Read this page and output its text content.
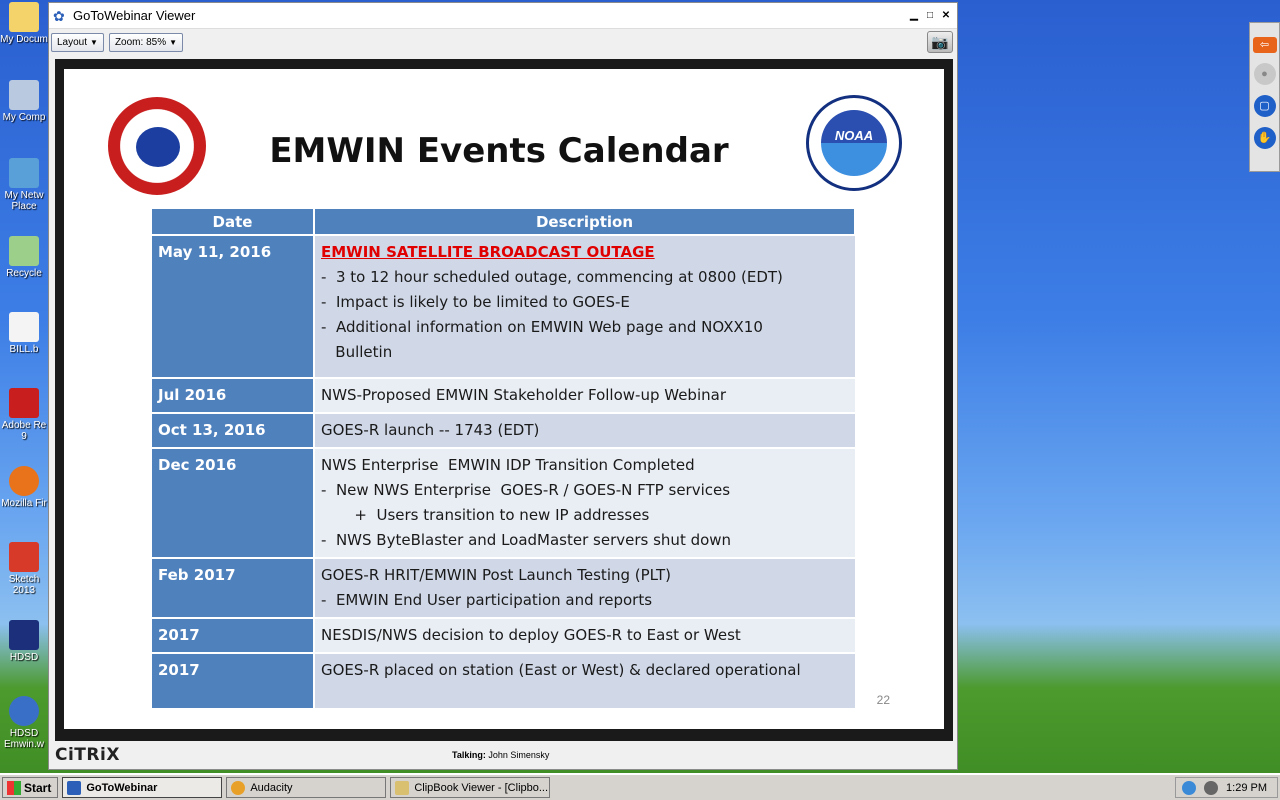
My Docum
My Comp
My Netw Place
Recycle
BILL.b
Adobe Re 9
Mozilla Fir
Sketch 2013
HDSD
HDSD Emwin.w
✿ GoToWebinar Viewer	▁ □ ✕
Layout ▼	Zoom: 85% ▼	📷
EMWIN Events Calendar	NOAA
Date	Description
May 11, 2016	EMWIN SATELLITE BROADCAST OUTAGE
-  3 to 12 hour scheduled outage, commencing at 0800 (EDT)
-  Impact is likely to be limited to GOES-E
-  Additional information on EMWIN Web page and NOXX10
Bulletin

Jul 2016	NWS-Proposed EMWIN Stakeholder Follow-up Webinar

Oct 13, 2016	GOES-R launch -- 1743 (EDT)

Dec 2016	NWS Enterprise  EMWIN IDP Transition Completed
-  New NWS Enterprise  GOES-R / GOES-N FTP services
+  Users transition to new IP addresses
-  NWS ByteBlaster and LoadMaster servers shut down

Feb 2017	GOES-R HRIT/EMWIN Post Launch Testing (PLT)
-  EMWIN End User participation and reports

2017	NESDIS/NWS decision to deploy GOES-R to East or West

2017	GOES-R placed on station (East or West) & declared operational
22
CiTRiX	Talking: John Simensky
⇦
●
▢
✋
Start	GoToWebinar	Audacity	ClipBook Viewer - [Clipbo...	1:29 PM
